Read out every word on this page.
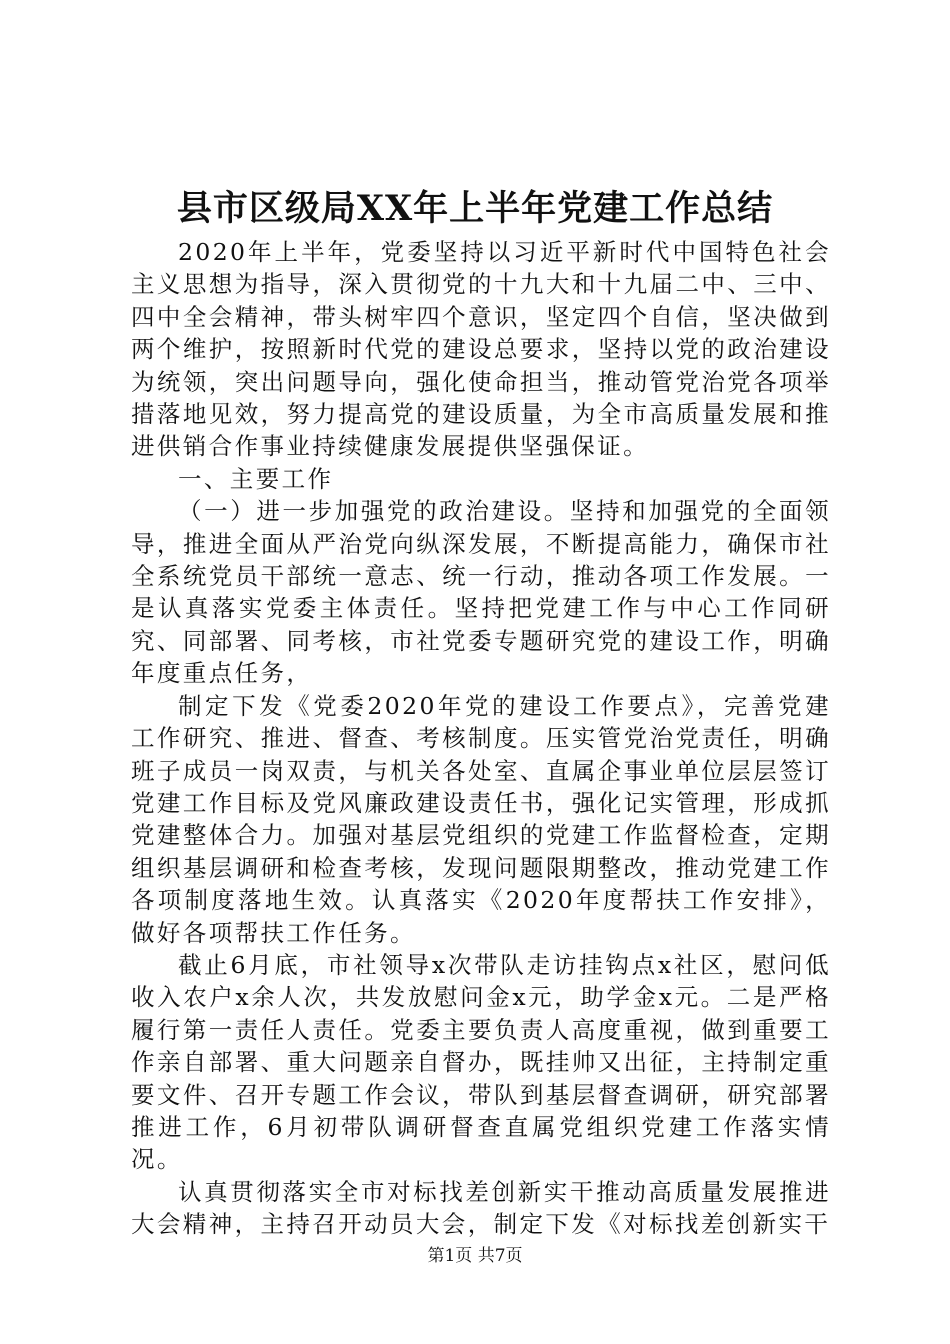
县市区级局XX年上半年党建工作总结

2020年上半年，党委坚持以习近平新时代中国特色社会主义思想为指导，深入贯彻党的十九大和十九届二中、三中、四中全会精神，带头树牢四个意识，坚定四个自信，坚决做到两个维护，按照新时代党的建设总要求，坚持以党的政治建设为统领，突出问题导向，强化使命担当，推动管党治党各项举措落地见效，努力提高党的建设质量，为全市高质量发展和推进供销合作事业持续健康发展提供坚强保证。

一、主要工作

（一）进一步加强党的政治建设。坚持和加强党的全面领导，推进全面从严治党向纵深发展，不断提高能力，确保市社全系统党员干部统一意志、统一行动，推动各项工作发展。一是认真落实党委主体责任。坚持把党建工作与中心工作同研究、同部署、同考核，市社党委专题研究党的建设工作，明确年度重点任务，

制定下发《党委2020年党的建设工作要点》，完善党建工作研究、推进、督查、考核制度。压实管党治党责任，明确班子成员一岗双责，与机关各处室、直属企事业单位层层签订党建工作目标及党风廉政建设责任书，强化记实管理，形成抓党建整体合力。加强对基层党组织的党建工作监督检查，定期组织基层调研和检查考核，发现问题限期整改，推动党建工作各项制度落地生效。认真落实《2020年度帮扶工作安排》，做好各项帮扶工作任务。

截止6月底，市社领导x次带队走访挂钩点x社区，慰问低收入农户x余人次，共发放慰问金x元，助学金x元。二是严格履行第一责任人责任。党委主要负责人高度重视，做到重要工作亲自部署、重大问题亲自督办，既挂帅又出征，主持制定重要文件、召开专题工作会议，带队到基层督查调研，研究部署推进工作，6月初带队调研督查直属党组织党建工作落实情况。

认真贯彻落实全市对标找差创新实干推动高质量发展推进大会精神，主持召开动员大会，制定下发《对标找差创新实干

第1页 共7页
